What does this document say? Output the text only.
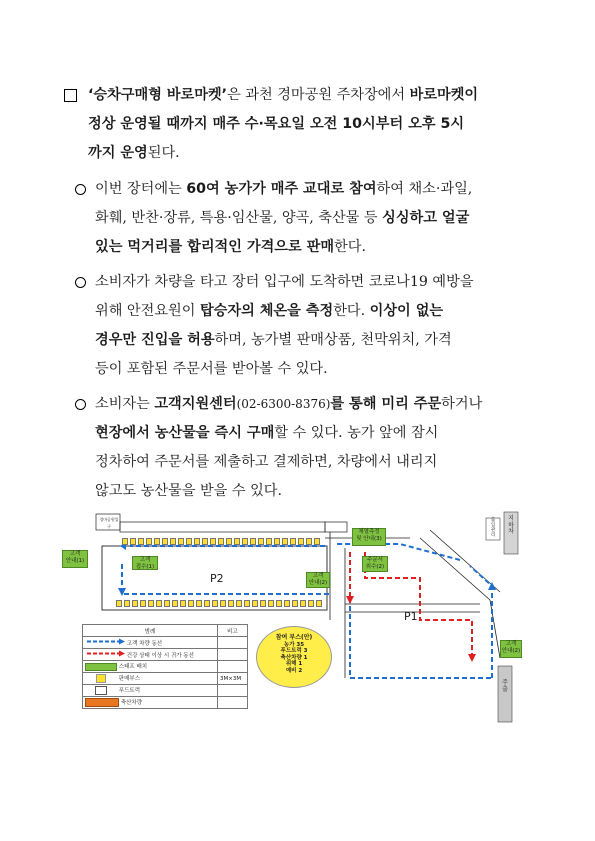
‘승차구매형 바로마켓’은 과천 경마공원 주차장에서 바로마켓이
정상 운영될 때까지 매주 수·목요일 오전 10시부터 오후 5시
까지 운영된다.
이번 장터에는 60여 농가가 매주 교대로 참여하여 채소·과일,
화훼, 반찬·장류, 특용·임산물, 양곡, 축산물 등 싱싱하고 얼굴
있는 먹거리를 합리적인 가격으로 판매한다.
소비자가 차량을 타고 장터 입구에 도착하면 코로나19 예방을
위해 안전요원이 탑승자의 체온을 측정한다. 이상이 없는
경우만 진입을 허용하며, 농가별 판매상품, 천막위치, 가격
등이 포함된 주문서를 받아볼 수 있다.
소비자는 고객지원센터(02-6300-8376)를 통해 미리 주문하거나
현장에서 농산물을 즉시 구매할 수 있다. 농가 앞에 잠시
정차하여 주문서를 제출하고 결제하면, 차량에서 내리지
않고도 농산물을 받을 수 있다.
P2
P1
고객
안내(1)	고객
접수(1)
체열측정
및 안내(3)
고객
안내(2)
주문서
취수(2)
고객
안내(2)
지
하
차
출
입
관
리
주
출
경마공원입구
참여 부스(안)
농가 35
푸드트럭 3
축산차량 1
위해 1
예비 2
범례	비고
고객 차량 동선	
건강 상태 이상 시 귀가 동선	
스태프 배치	
판매부스	3M×3M
푸드트럭	
축산차량	
